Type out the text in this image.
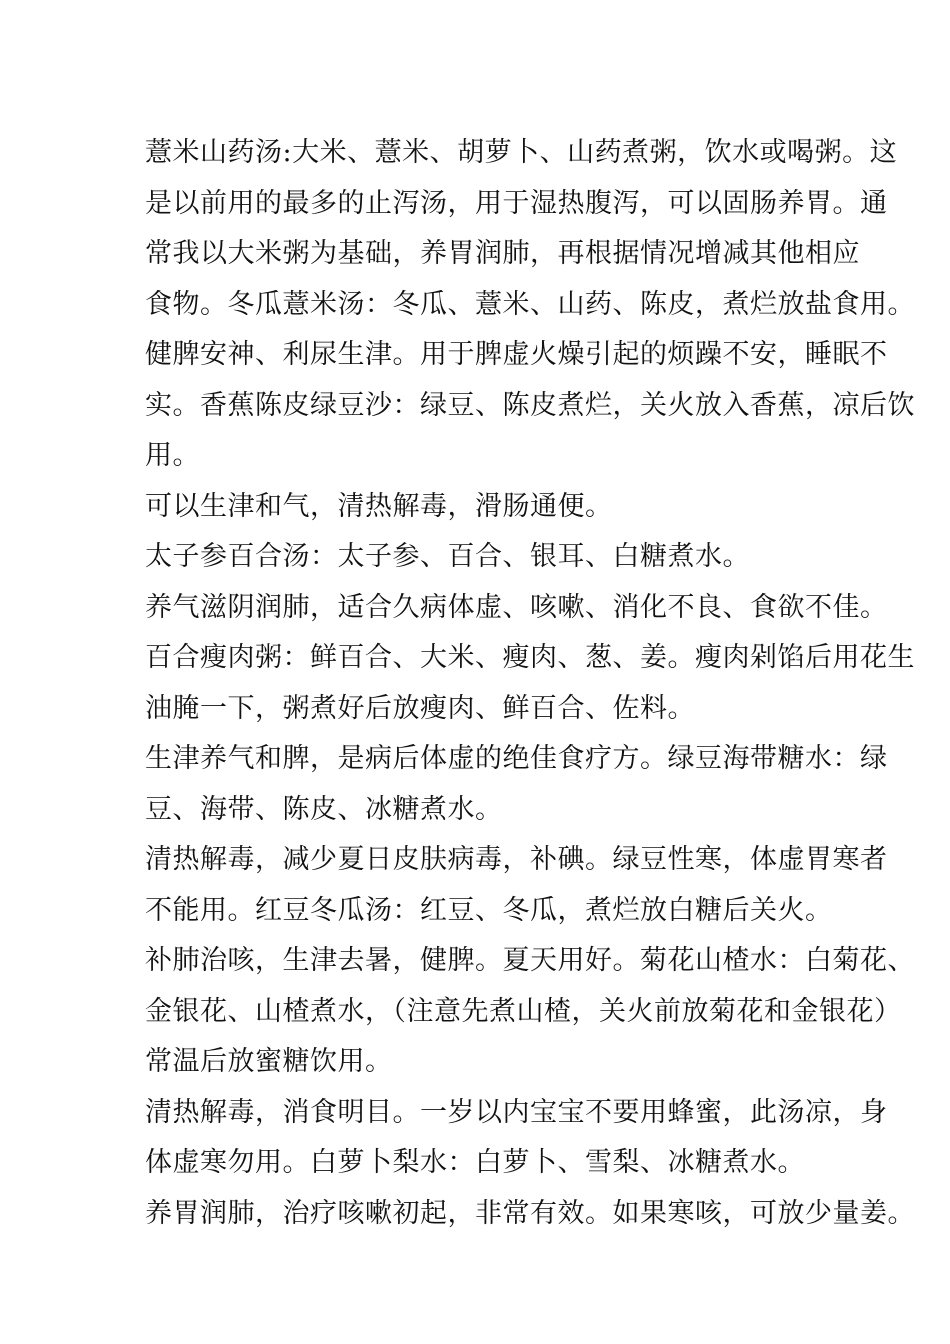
薏米山药汤:大米、薏米、胡萝卜、山药煮粥，饮水或喝粥。这
是以前用的最多的止泻汤，用于湿热腹泻，可以固肠养胃。通
常我以大米粥为基础，养胃润肺，再根据情况增减其他相应
食物。冬瓜薏米汤：冬瓜、薏米、山药、陈皮，煮烂放盐食用。
健脾安神、利尿生津。用于脾虚火燥引起的烦躁不安，睡眠不
实。香蕉陈皮绿豆沙：绿豆、陈皮煮烂，关火放入香蕉，凉后饮
用。
可以生津和气，清热解毒，滑肠通便。
太子参百合汤：太子参、百合、银耳、白糖煮水。
养气滋阴润肺，适合久病体虚、咳嗽、消化不良、食欲不佳。
百合瘦肉粥：鲜百合、大米、瘦肉、葱、姜。瘦肉剁馅后用花生
油腌一下，粥煮好后放瘦肉、鲜百合、佐料。
生津养气和脾，是病后体虚的绝佳食疗方。绿豆海带糖水：绿
豆、海带、陈皮、冰糖煮水。
清热解毒，减少夏日皮肤病毒，补碘。绿豆性寒，体虚胃寒者
不能用。红豆冬瓜汤：红豆、冬瓜，煮烂放白糖后关火。
补肺治咳，生津去暑，健脾。夏天用好。菊花山楂水：白菊花、
金银花、山楂煮水，（注意先煮山楂，关火前放菊花和金银花）
常温后放蜜糖饮用。
清热解毒，消食明目。一岁以内宝宝不要用蜂蜜，此汤凉，身
体虚寒勿用。白萝卜梨水：白萝卜、雪梨、冰糖煮水。
养胃润肺，治疗咳嗽初起，非常有效。如果寒咳，可放少量姜。
